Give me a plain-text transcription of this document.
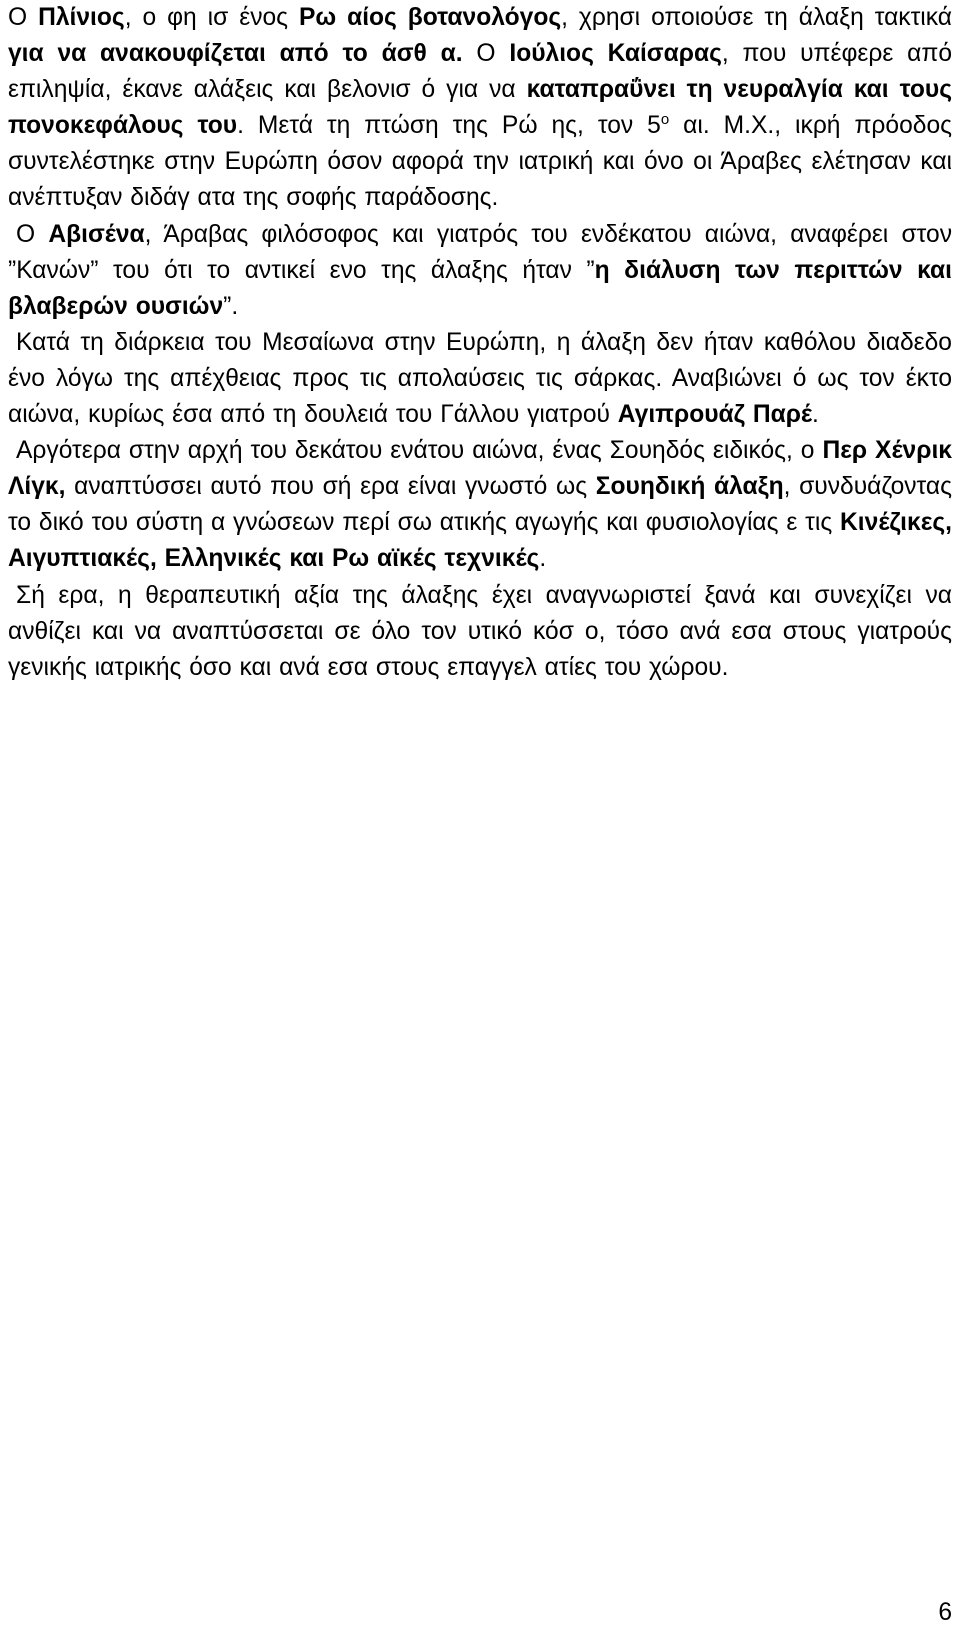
Ο Πλίνιος, ο φη ισ ένος Ρω αίος βοτανολόγος, χρησι οποιούσε τη άλαξη τακτικά για να ανακουφίζεται από το άσθ α. Ο Ιούλιος Καίσαρας, που υπέφερε από επιληψία, έκανε αλάξεις και βελονισ ό για να καταπραΰνει τη νευραλγία και τους πονοκεφάλους του. Μετά τη πτώση της Ρώ ης, τον $5^o$ αι. Μ.Χ., ικρή πρόοδος συντελέστηκε στην Ευρώπη όσον αφορά την ιατρική και όνο οι Άραβες ελέτησαν και ανέπτυξαν διδάγ ατα της σοφής παράδοσης.

Ο Αβισένα, Άραβας φιλόσοφος και γιατρός του ενδέκατου αιώνα, αναφέρει στον ”Κανών” του ότι το αντικεί ενο της άλαξης ήταν ”η διάλυση των περιττών και βλαβερών ουσιών”.

Κατά τη διάρκεια του Μεσαίωνα στην Ευρώπη, η άλαξη δεν ήταν καθόλου διαδεδο ένο λόγω της απέχθειας προς τις απολαύσεις τις σάρκας. Αναβιώνει ό ως τον έκτο αιώνα, κυρίως έσα από τη δουλειά του Γάλλου γιατρού Αγιπρουάζ Παρέ.

Αργότερα στην αρχή του δεκάτου ενάτου αιώνα, ένας Σουηδός ειδικός, ο Περ Χένρικ Λίγκ, αναπτύσσει αυτό που σή ερα είναι γνωστό ως Σουηδική άλαξη, συνδυάζοντας το δικό του σύστη α γνώσεων περί σω ατικής αγωγής και φυσιολογίας ε τις Κινέζικες, Αιγυπτιακές, Ελληνικές και Ρω αϊκές τεχνικές.

Σή ερα, η θεραπευτική αξία της άλαξης έχει αναγνωριστεί ξανά και συνεχίζει να ανθίζει και να αναπτύσσεται σε όλο τον υτικό κόσ ο, τόσο ανά εσα στους γιατρούς γενικής ιατρικής όσο και ανά εσα στους επαγγελ ατίες του χώρου.

6
